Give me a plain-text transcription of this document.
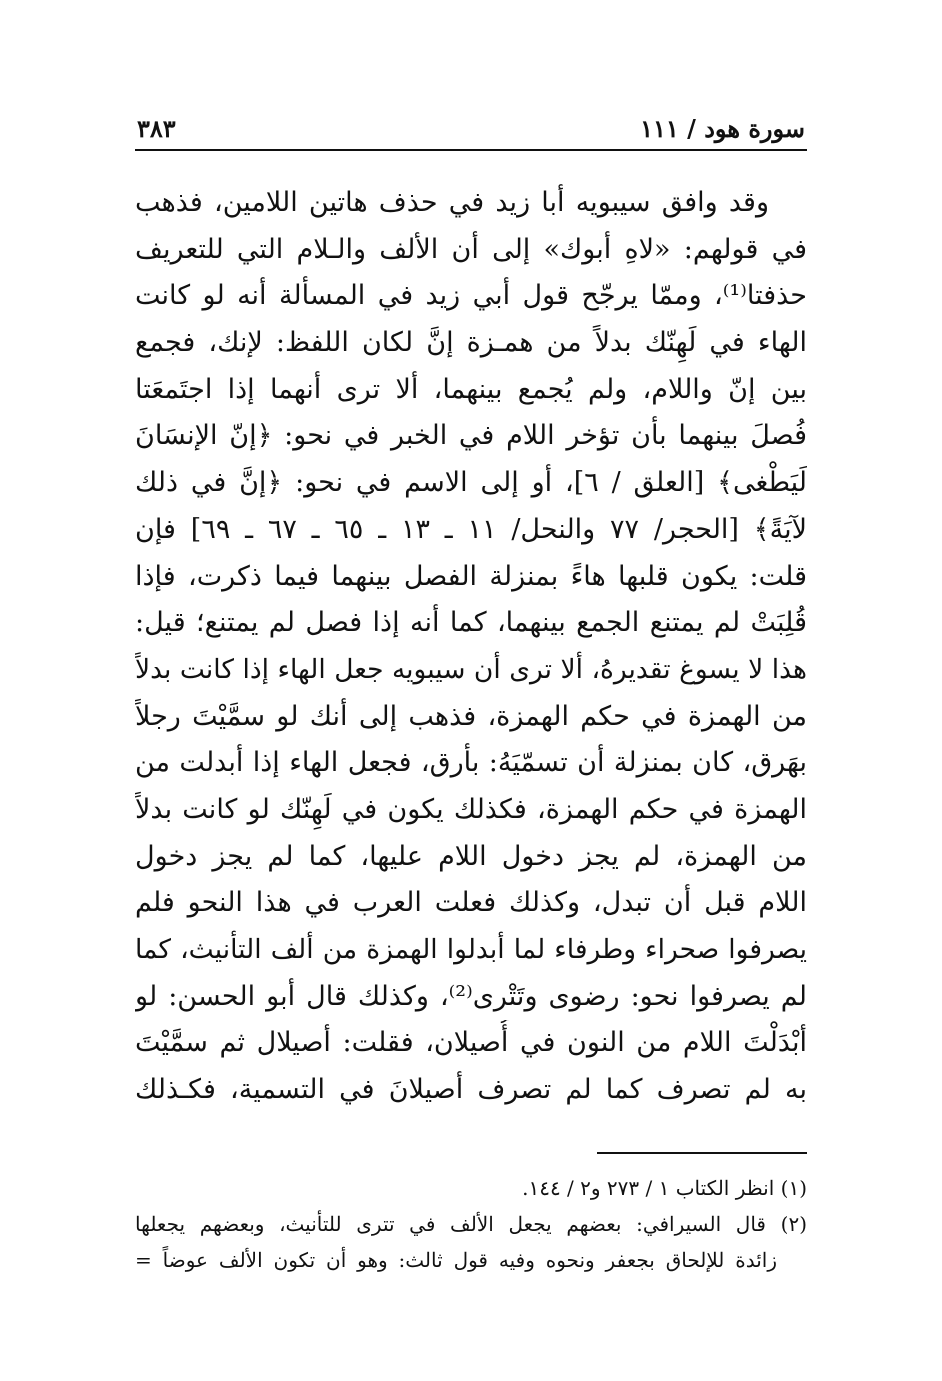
سورة هود / ١١١
٣٨٣
وقد وافق سيبويه أبا زيد في حذف هاتين اللامين، فذهب
في قولهم: «لاهِ أبوك» إلى أن الألف والـلام التي للتعريف
حذفتا⁽¹⁾، وممّا يرجّح قول أبي زيد في المسألة أنه لو كانت
الهاء في لَهِنّك بدلاً من همـزة إنَّ لكان اللفظ: لإنك، فجمع
بين إنّ واللام، ولم يُجمع بينهما، ألا ترى أنهما إذا اجتَمعَتا
فُصلَ بينهما بأن تؤخر اللام في الخبر في نحو: ﴿إنّ الإنسَانَ
لَيَطْغى﴾ [العلق / ٦]، أو إلى الاسم في نحو: ﴿إنَّ في ذلك
لآيَةً﴾ [الحجر/ ٧٧ والنحل/ ١١ ـ ١٣ ـ ٦٥ ـ ٦٧ ـ ٦٩] فإن
قلت: يكون قلبها هاءً بمنزلة الفصل بينهما فيما ذكرت، فإذا
قُلِبَتْ لم يمتنع الجمع بينهما، كما أنه إذا فصل لم يمتنع؛ قيل:
هذا لا يسوغ تقديرهُ، ألا ترى أن سيبويه جعل الهاء إذا كانت بدلاً
من الهمزة في حكم الهمزة، فذهب إلى أنك لو سمَّيْتَ رجلاً
بهَرق، كان بمنزلة أن تسمّيَهُ: بأرق، فجعل الهاء إذا أبدلت من
الهمزة في حكم الهمزة، فكذلك يكون في لَهِنّك لو كانت بدلاً
من الهمزة، لم يجز دخول اللام عليها، كما لم يجز دخول
اللام قبل أن تبدل، وكذلك فعلت العرب في هذا النحو فلم
يصرفوا صحراء وطرفاء لما أبدلوا الهمزة من ألف التأنيث، كما
لم يصرفوا نحو: رضوى وتَتْرى⁽²⁾، وكذلك قال أبو الحسن: لو
أبْدَلْتَ اللام من النون في أُصيلان، فقلت: أصيلال ثم سمَّيْتَ
به لم تصرف كما لم تصرف أصيلانَ في التسمية، فكـذلك
(١) انظر الكتاب ١ / ٢٧٣ و٢ / ١٤٤.
(٢) قال السيرافي: بعضهم يجعل الألف في تترى للتأنيث، وبعضهم يجعلها
زائدة للإلحاق بجعفر ونحوه وفيه قول ثالث: وهو أن تكون الألف عوضاً =
